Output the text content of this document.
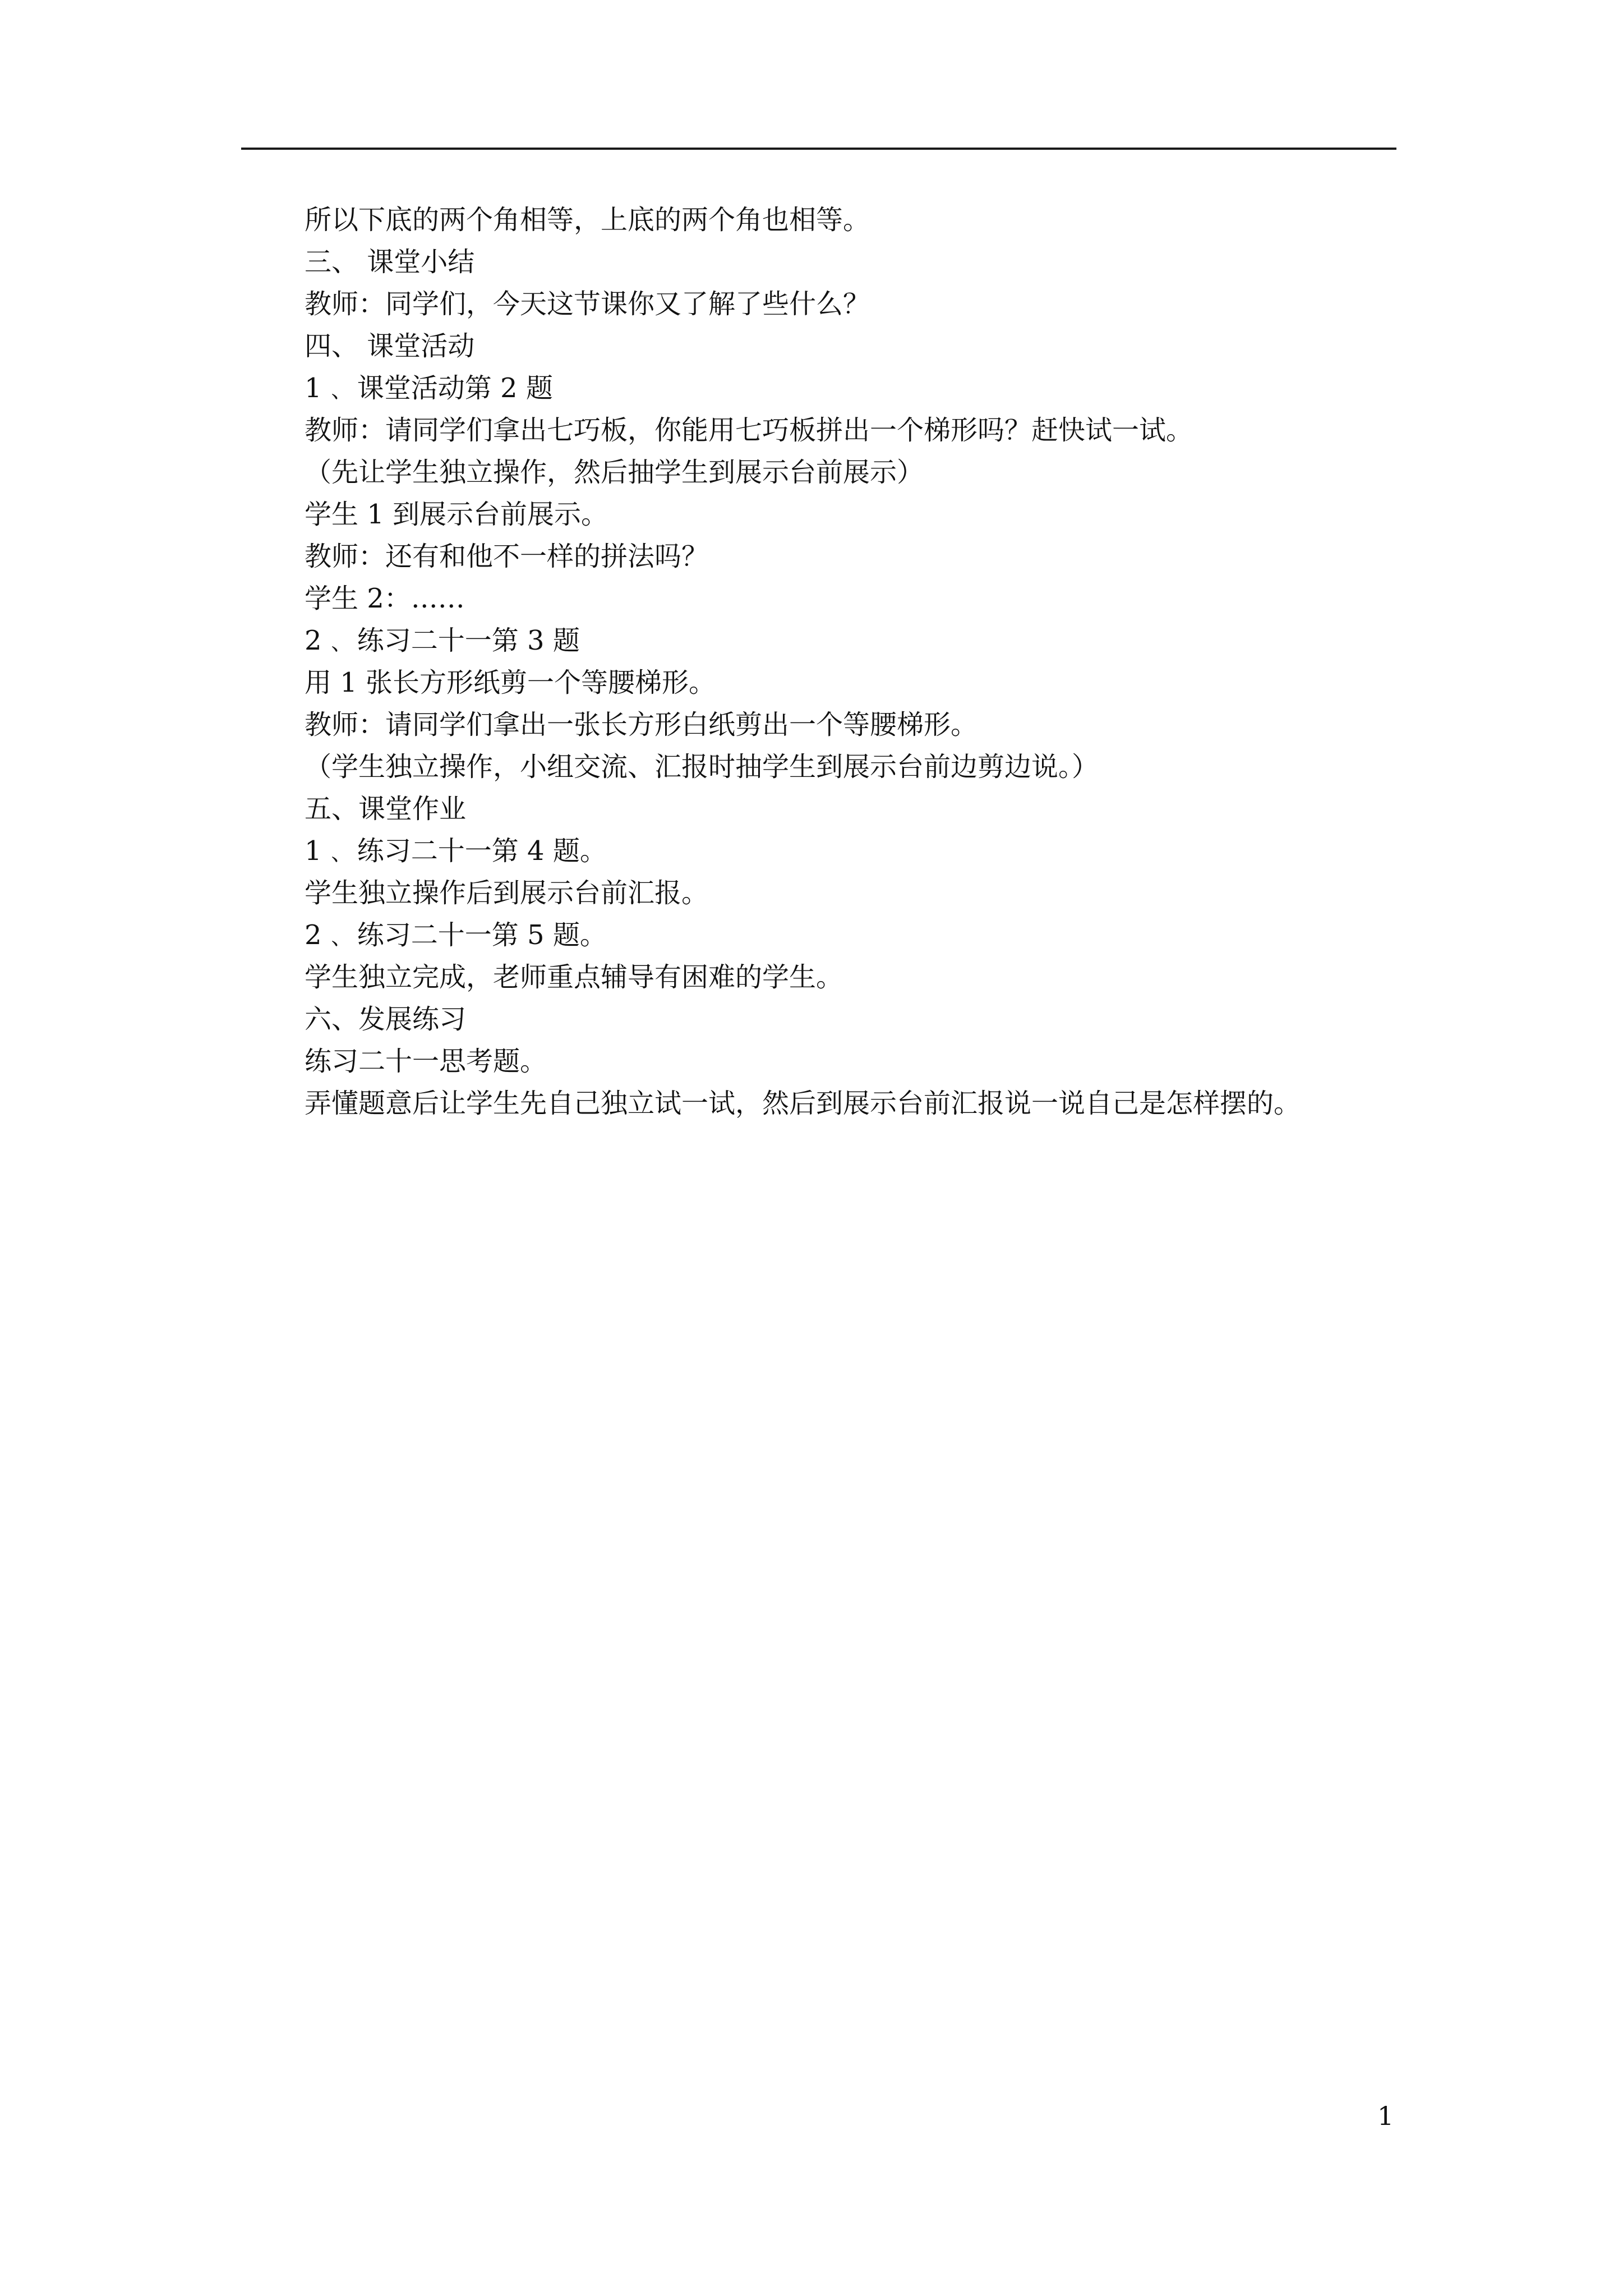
所以下底的两个角相等，上底的两个角也相等。
三、 课堂小结
教师：同学们，今天这节课你又了解了些什么？
四、 课堂活动
1﹑ 课堂活动第 2 题
教师：请同学们拿出七巧板，你能用七巧板拼出一个梯形吗？赶快试一试。
（先让学生独立操作，然后抽学生到展示台前展示）
学生 1 到展示台前展示。
教师：还有和他不一样的拼法吗？
学生 2：……
2﹑ 练习二十一第 3 题
用 1 张长方形纸剪一个等腰梯形。
教师：请同学们拿出一张长方形白纸剪出一个等腰梯形。
（学生独立操作，小组交流、汇报时抽学生到展示台前边剪边说。）
五、课堂作业
1﹑ 练习二十一第 4 题。
学生独立操作后到展示台前汇报。
2﹑ 练习二十一第 5 题。
学生独立完成，老师重点辅导有困难的学生。
六、发展练习
练习二十一思考题。
弄懂题意后让学生先自己独立试一试，然后到展示台前汇报说一说自己是怎样摆的。
1
